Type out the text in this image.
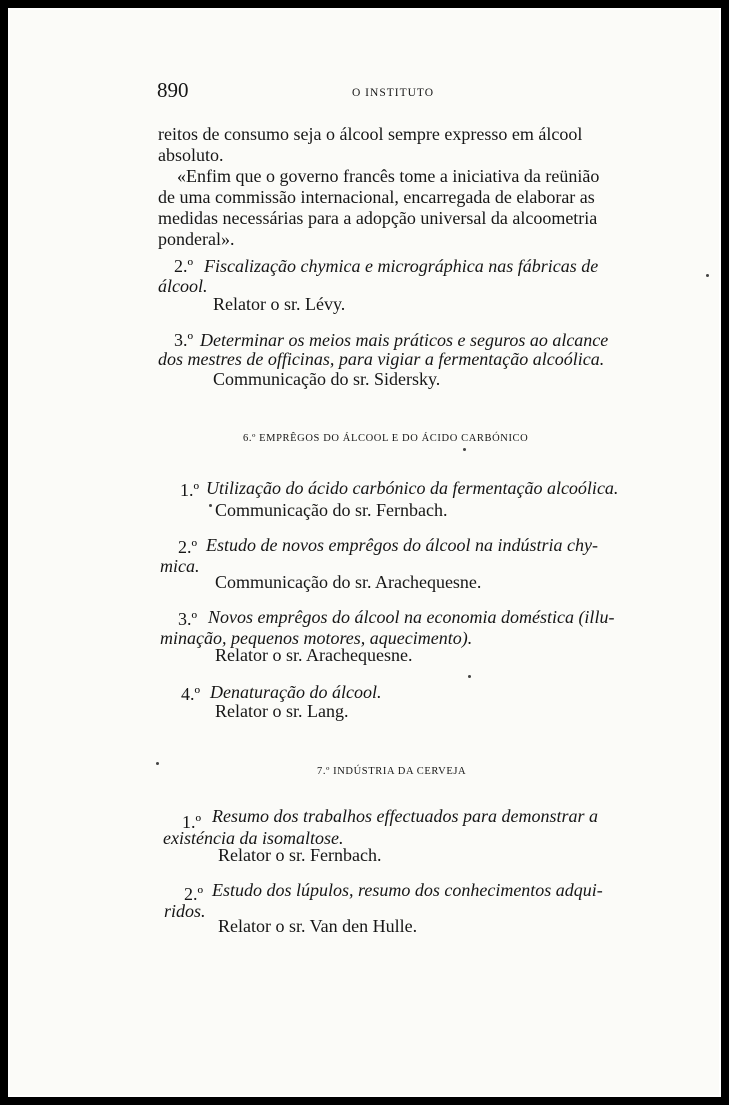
890	O INSTITUTO
reitos de consumo seja o álcool sempre expresso em álcool
absoluto.
«Enfim que o governo francês tome a iniciativa da reünião
de uma commissão internacional, encarregada de elaborar as
medidas necessárias para a adopção universal da alcoometria
ponderal».
2.º Fiscalização chymica e micrográphica nas fábricas de
álcool.
Relator o sr. Lévy.
3.º Determinar os meios mais práticos e seguros ao alcance
dos mestres de officinas, para vigiar a fermentação alcoólica.
Communicação do sr. Sidersky.
6.º EMPRÊGOS DO ÁLCOOL E DO ÁCIDO CARBÓNICO
1.º Utilização do ácido carbónico da fermentação alcoólica.
Communicação do sr. Fernbach.
2.º Estudo de novos emprêgos do álcool na indústria chy-
mica.
Communicação do sr. Arachequesne.
3.º Novos emprêgos do álcool na economia doméstica (illu-
minação, pequenos motores, aquecimento).
Relator o sr. Arachequesne.
4.º Denaturação do álcool.
Relator o sr. Lang.
7.º INDÚSTRIA DA CERVEJA
1.º Resumo dos trabalhos effectuados para demonstrar a
existéncia da isomaltose.
Relator o sr. Fernbach.
2.º Estudo dos lúpulos, resumo dos conhecimentos adqui-
ridos.
Relator o sr. Van den Hulle.
